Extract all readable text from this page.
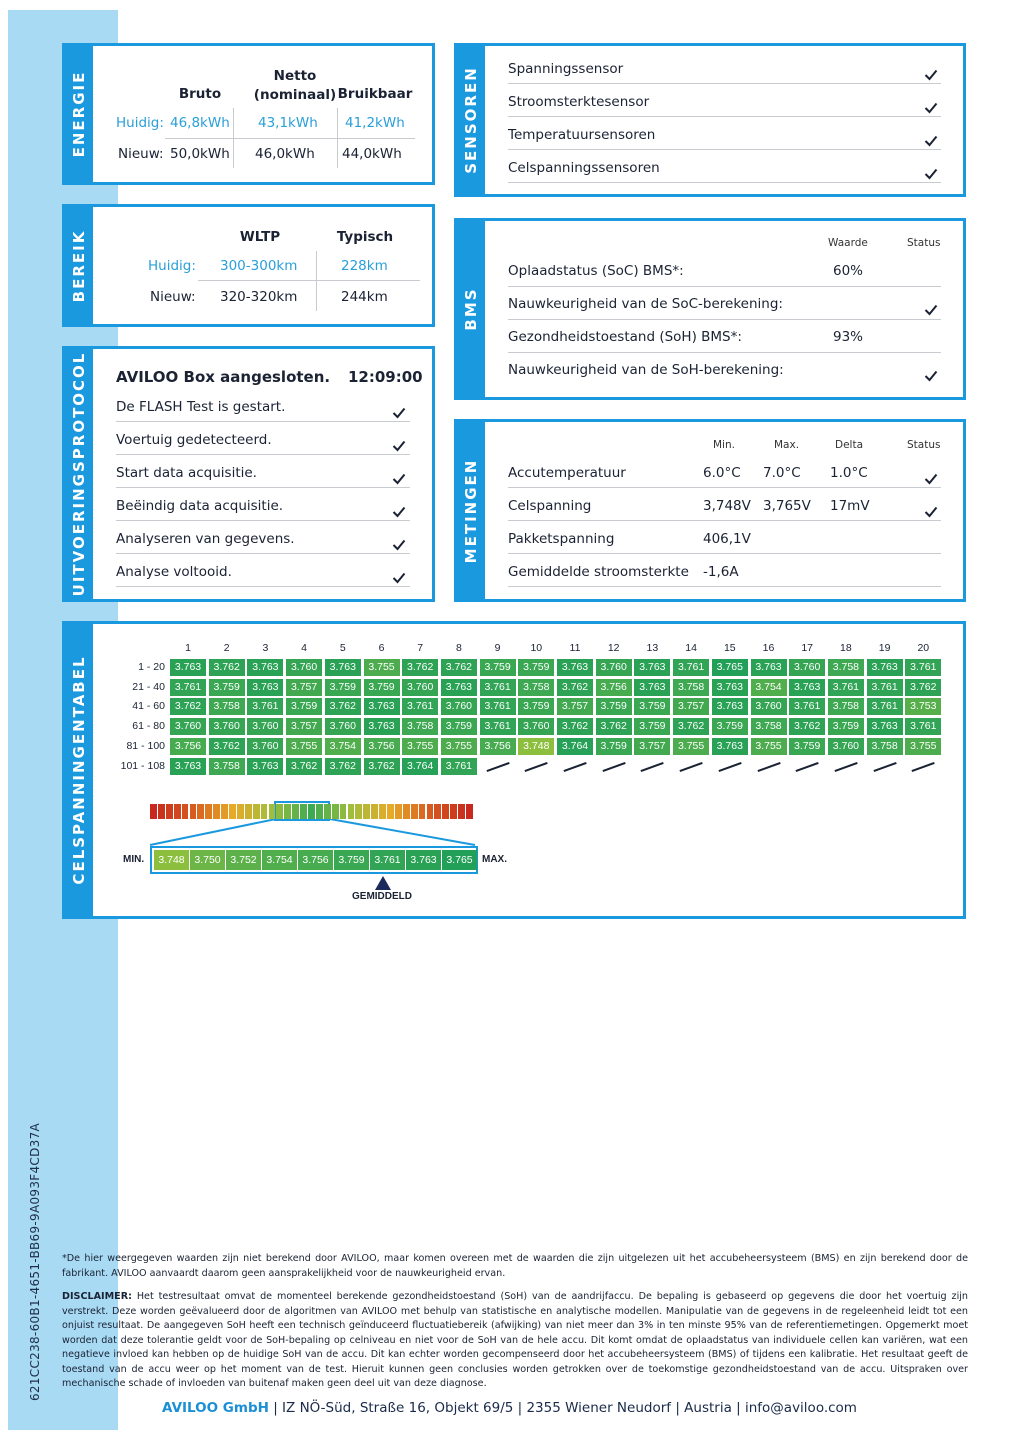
621CC238-60B1-4651-BB69-9A093F4CD37A
ENERGIE	Bruto
Netto
(nominaal) Bruikbaar
Huidig: 46,8kWh 43,1kWh 41,2kWh
Nieuw: 50,0kWh 46,0kWh 44,0kWh
BEREIK	WLTP	Typisch
Huidig: 300-300km	228km
Nieuw: 320-320km	244km
UITVOERINGSPROTOCOL AVILOO Box aangesloten. 12:09:00
De FLASH Test is gestart.
Voertuig gedetecteerd.
Start data acquisitie.
Beëindig data acquisitie.
Analyseren van gegevens.
Analyse voltooid.
SENSOREN Spanningssensor
Stroomsterktesensor
Temperatuursensoren
Celspanningssensoren
BMS
Waarde	Status
Oplaadstatus (SoC) BMS*:	60%
Nauwkeurigheid van de SoC-berekening:
Gezondheidstoestand (SoH) BMS*:	93%
Nauwkeurigheid van de SoH-berekening:
METINGEN
Min.	Max.	Delta	Status
Accutemperatuur	6.0°C 7.0°C 1.0°C
Celspanning	3,748V 3,765V 17mV
Pakketspanning	406,1V
Gemiddelde stroomsterkte -1,6A
CELSPANNINGENTABEL	MIN.	MAX.
GEMIDDELD
1	2	3	4	5	6	7	8	9	10	11	12	13	14	15	16	17	18	19	20
1 - 20 3.763	3.762	3.763	3.760	3.763	3.755	3.762	3.762	3.759	3.759	3.763	3.760	3.763	3.761	3.765	3.763	3.760	3.758	3.763	3.761
21 - 40 3.761	3.759	3.763	3.757	3.759	3.759	3.760	3.763	3.761	3.758	3.762	3.756	3.763	3.758	3.763	3.754	3.763	3.761	3.761	3.762
41 - 60 3.762	3.758	3.761	3.759	3.762	3.763	3.761	3.760	3.761	3.759	3.757	3.759	3.759	3.757	3.763	3.760	3.761	3.758	3.761	3.753
61 - 80 3.760	3.760	3.760	3.757	3.760	3.763	3.758	3.759	3.761	3.760	3.762	3.762	3.759	3.762	3.759	3.758	3.762	3.759	3.763	3.761
81 - 100 3.756	3.762	3.760	3.755	3.754	3.756	3.755	3.755	3.756	3.748	3.764	3.759	3.757	3.755	3.763	3.755	3.759	3.760	3.758	3.755
101 - 108 3.763	3.758	3.763	3.762	3.762	3.762	3.764	3.761
3.748 3.750 3.752 3.754 3.756 3.759 3.761 3.763 3.765
*De hier weergegeven waarden zijn niet berekend door AVILOO, maar komen overeen met de waarden die zijn uitgelezen uit het accubeheersysteem (BMS) en zijn berekend door de fabrikant. AVILOO aanvaardt daarom geen aansprakelijkheid voor de nauwkeurigheid ervan.
DISCLAIMER: Het testresultaat omvat de momenteel berekende gezondheidstoestand (SoH) van de aandrijfaccu. De bepaling is gebaseerd op gegevens die door het voertuig zijn verstrekt. Deze worden geëvalueerd door de algoritmen van AVILOO met behulp van statistische en analytische modellen. Manipulatie van de gegevens in de regeleenheid leidt tot een onjuist resultaat. De aangegeven SoH heeft een technisch geïnduceerd fluctuatiebereik (afwijking) van niet meer dan 3% in ten minste 95% van de referentiemetingen. Opgemerkt moet worden dat deze tolerantie geldt voor de SoH-bepaling op celniveau en niet voor de SoH van de hele accu. Dit komt omdat de oplaadstatus van individuele cellen kan variëren, wat een negatieve invloed kan hebben op de huidige SoH van de accu. Dit kan echter worden gecompenseerd door het accubeheersysteem (BMS) of tijdens een kalibratie. Het resultaat geeft de toestand van de accu weer op het moment van de test. Hieruit kunnen geen conclusies worden getrokken over de toekomstige gezondheidstoestand van de accu. Uitspraken over mechanische schade of invloeden van buitenaf maken geen deel uit van deze diagnose.
AVILOO GmbH | IZ NÖ-Süd, Straße 16, Objekt 69/5 | 2355 Wiener Neudorf | Austria | info@aviloo.com
